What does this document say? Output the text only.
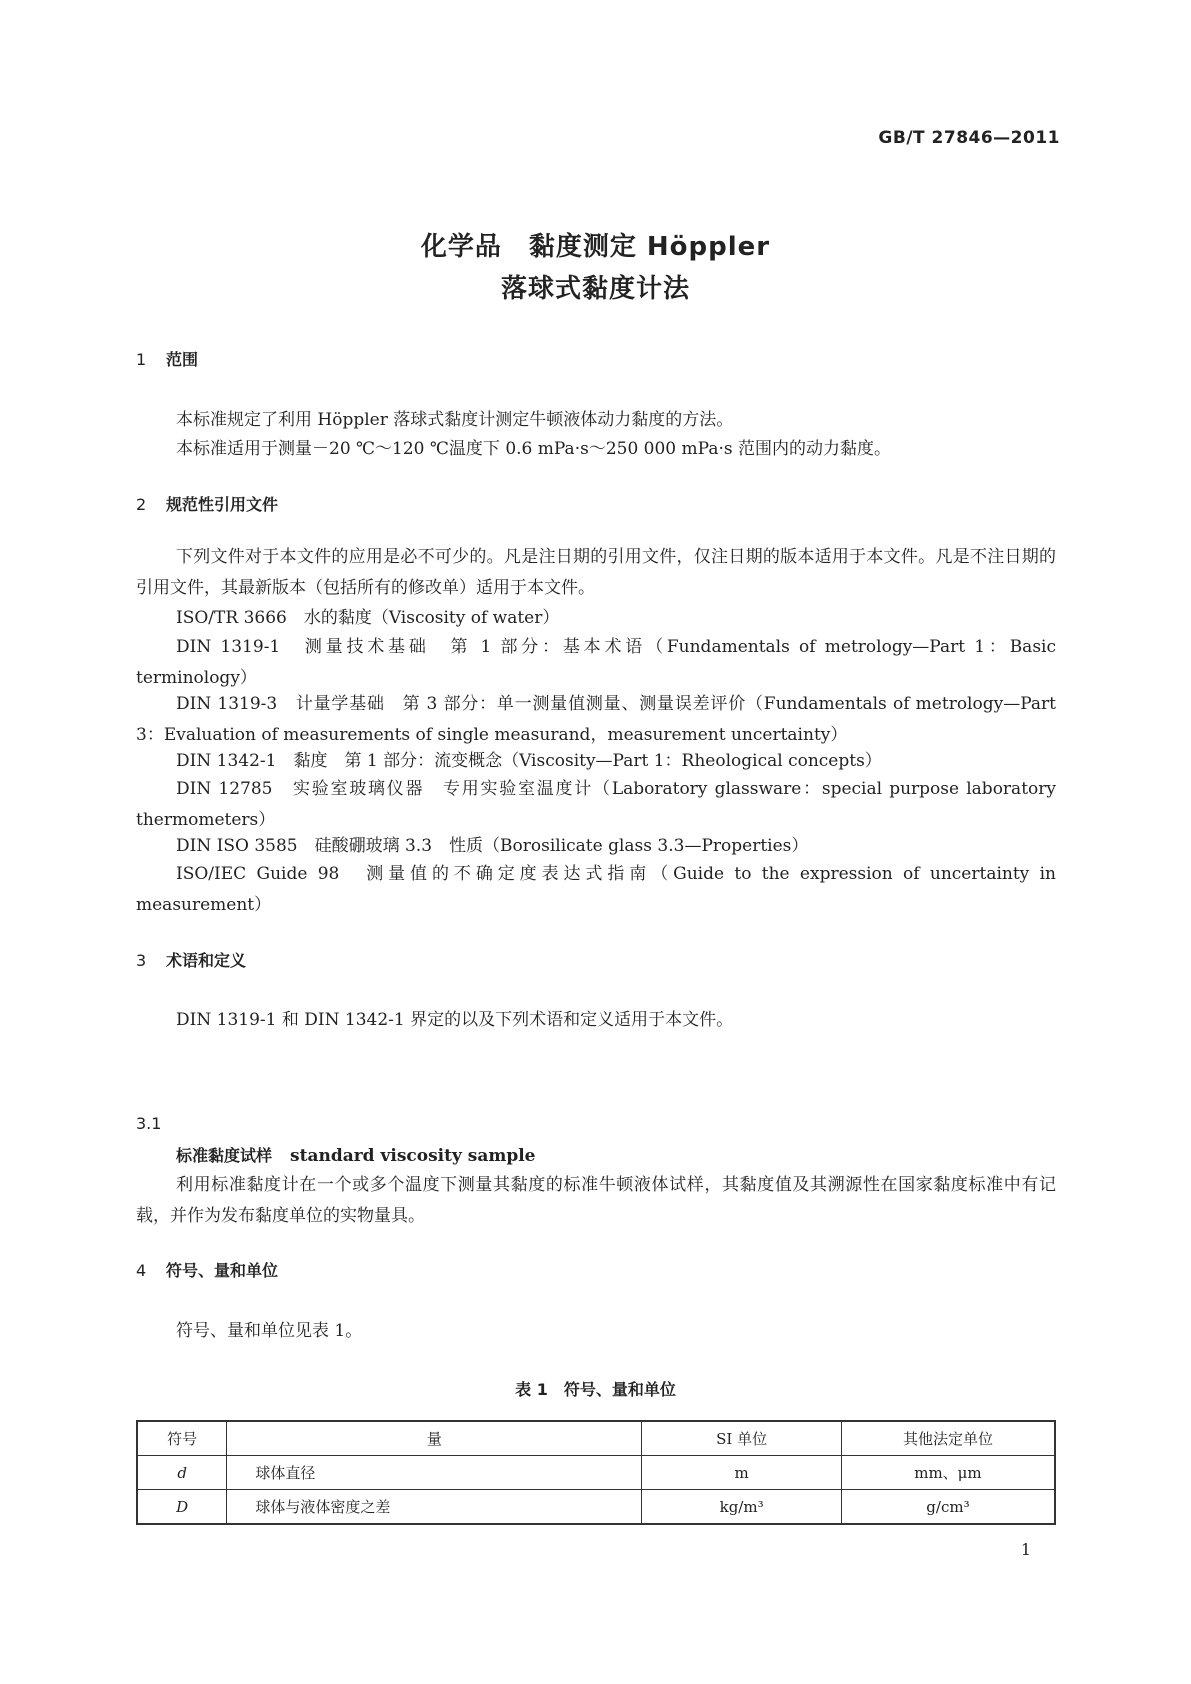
GB/T 27846—2011
化学品　黏度测定 Höppler
落球式黏度计法
1 范围
本标准规定了利用 Höppler 落球式黏度计测定牛顿液体动力黏度的方法。
本标准适用于测量－20 ℃～120 ℃温度下 0.6 mPa·s～250 000 mPa·s 范围内的动力黏度。
2 规范性引用文件
下列文件对于本文件的应用是必不可少的。凡是注日期的引用文件，仅注日期的版本适用于本文件。凡是不注日期的引用文件，其最新版本（包括所有的修改单）适用于本文件。
ISO/TR 3666　水的黏度（Viscosity of water）
DIN 1319-1　测量技术基础　第 1 部分：基本术语（Fundamentals of metrology—Part 1：Basic terminology）
DIN 1319-3　计量学基础　第 3 部分：单一测量值测量、测量误差评价（Fundamentals of metrology—Part 3：Evaluation of measurements of single measurand，measurement uncertainty）
DIN 1342-1　黏度　第 1 部分：流变概念（Viscosity—Part 1：Rheological concepts）
DIN 12785　实验室玻璃仪器　专用实验室温度计（Laboratory glassware：special purpose laboratory thermometers）
DIN ISO 3585　硅酸硼玻璃 3.3　性质（Borosilicate glass 3.3—Properties）
ISO/IEC Guide 98　测量值的不确定度表达式指南（Guide to the expression of uncertainty in measurement）
3 术语和定义
DIN 1319-1 和 DIN 1342-1 界定的以及下列术语和定义适用于本文件。
3.1
标准黏度试样 standard viscosity sample
利用标准黏度计在一个或多个温度下测量其黏度的标准牛顿液体试样，其黏度值及其溯源性在国家黏度标准中有记载，并作为发布黏度单位的实物量具。
4 符号、量和单位
符号、量和单位见表 1。
表 1　符号、量和单位
符号	量	SI 单位	其他法定单位
d	球体直径	m	mm、μm
D	球体与液体密度之差	kg/m³	g/cm³
1
